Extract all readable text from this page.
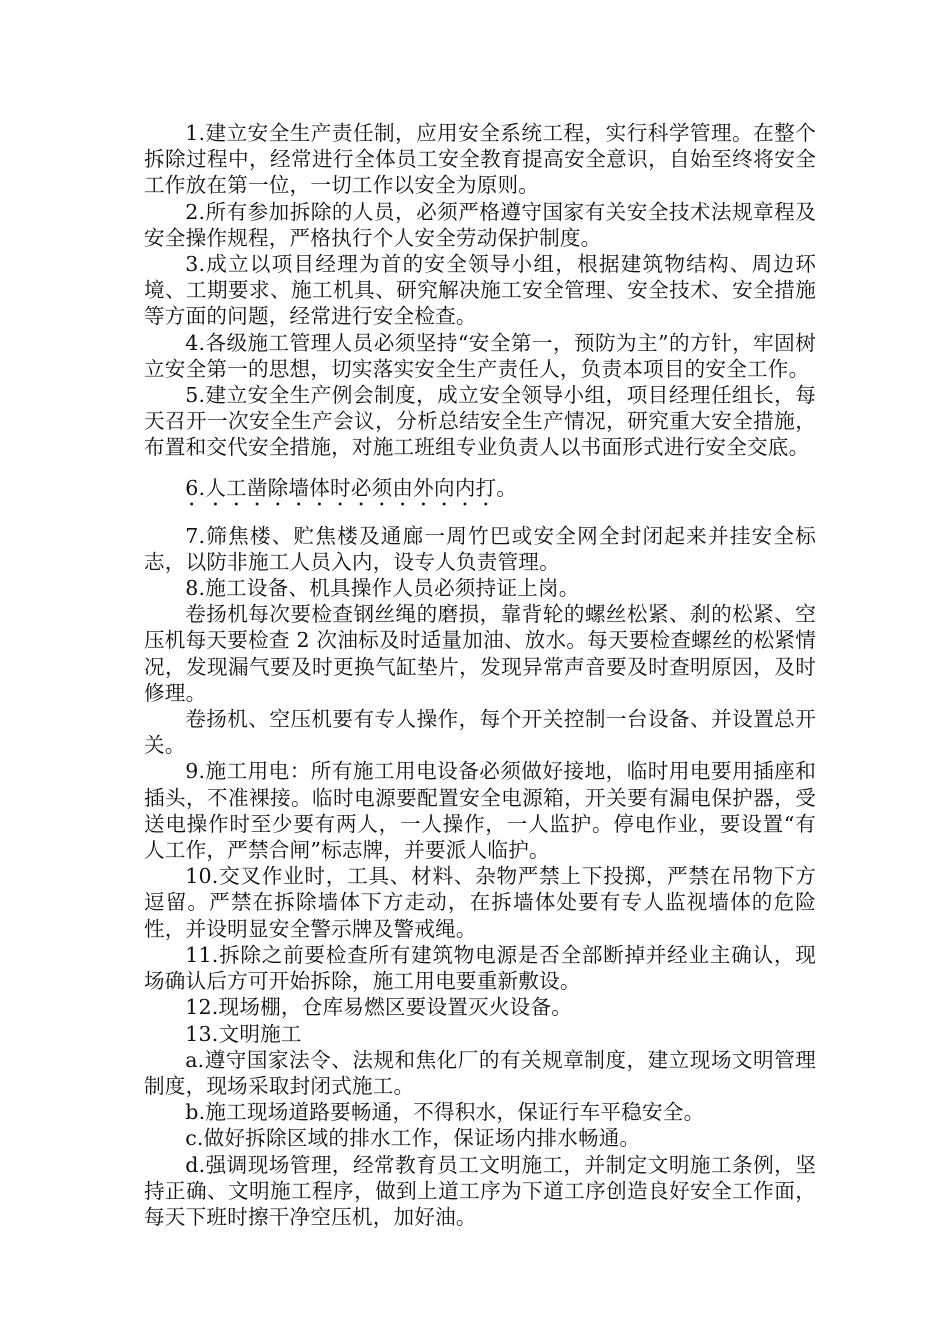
1.建立安全生产责任制，应用安全系统工程，实行科学管理。在整个拆除过程中，经常进行全体员工安全教育提高安全意识，自始至终将安全工作放在第一位，一切工作以安全为原则。

2.所有参加拆除的人员，必须严格遵守国家有关安全技术法规章程及安全操作规程，严格执行个人安全劳动保护制度。

3.成立以项目经理为首的安全领导小组，根据建筑物结构、周边环境、工期要求、施工机具、研究解决施工安全管理、安全技术、安全措施等方面的问题，经常进行安全检查。

4.各级施工管理人员必须坚持“安全第一，预防为主”的方针，牢固树立安全第一的思想，切实落实安全生产责任人，负责本项目的安全工作。

5.建立安全生产例会制度，成立安全领导小组，项目经理任组长，每天召开一次安全生产会议，分析总结安全生产情况，研究重大安全措施，布置和交代安全措施，对施工班组专业负责人以书面形式进行安全交底。

6.人工凿除墙体时必须由外向内打。

7.筛焦楼、贮焦楼及通廊一周竹巴或安全网全封闭起来并挂安全标志，以防非施工人员入内，设专人负责管理。

8.施工设备、机具操作人员必须持证上岗。

卷扬机每次要检查钢丝绳的磨损，靠背轮的螺丝松紧、刹的松紧、空压机每天要检查 2 次油标及时适量加油、放水。每天要检查螺丝的松紧情况，发现漏气要及时更换气缸垫片，发现异常声音要及时查明原因，及时修理。

卷扬机、空压机要有专人操作，每个开关控制一台设备、并设置总开关。

9.施工用电：所有施工用电设备必须做好接地，临时用电要用插座和插头，不准裸接。临时电源要配置安全电源箱，开关要有漏电保护器，受送电操作时至少要有两人，一人操作，一人监护。停电作业，要设置“有人工作，严禁合闸”标志牌，并要派人临护。

10.交叉作业时，工具、材料、杂物严禁上下投掷，严禁在吊物下方逗留。严禁在拆除墙体下方走动，在拆墙体处要有专人监视墙体的危险性，并设明显安全警示牌及警戒绳。

11.拆除之前要检查所有建筑物电源是否全部断掉并经业主确认，现场确认后方可开始拆除，施工用电要重新敷设。

12.现场棚，仓库易燃区要设置灭火设备。

13.文明施工

a.遵守国家法令、法规和焦化厂的有关规章制度，建立现场文明管理制度，现场采取封闭式施工。

b.施工现场道路要畅通，不得积水，保证行车平稳安全。

c.做好拆除区域的排水工作，保证场内排水畅通。

d.强调现场管理，经常教育员工文明施工，并制定文明施工条例，坚持正确、文明施工程序，做到上道工序为下道工序创造良好安全工作面，每天下班时擦干净空压机，加好油。
